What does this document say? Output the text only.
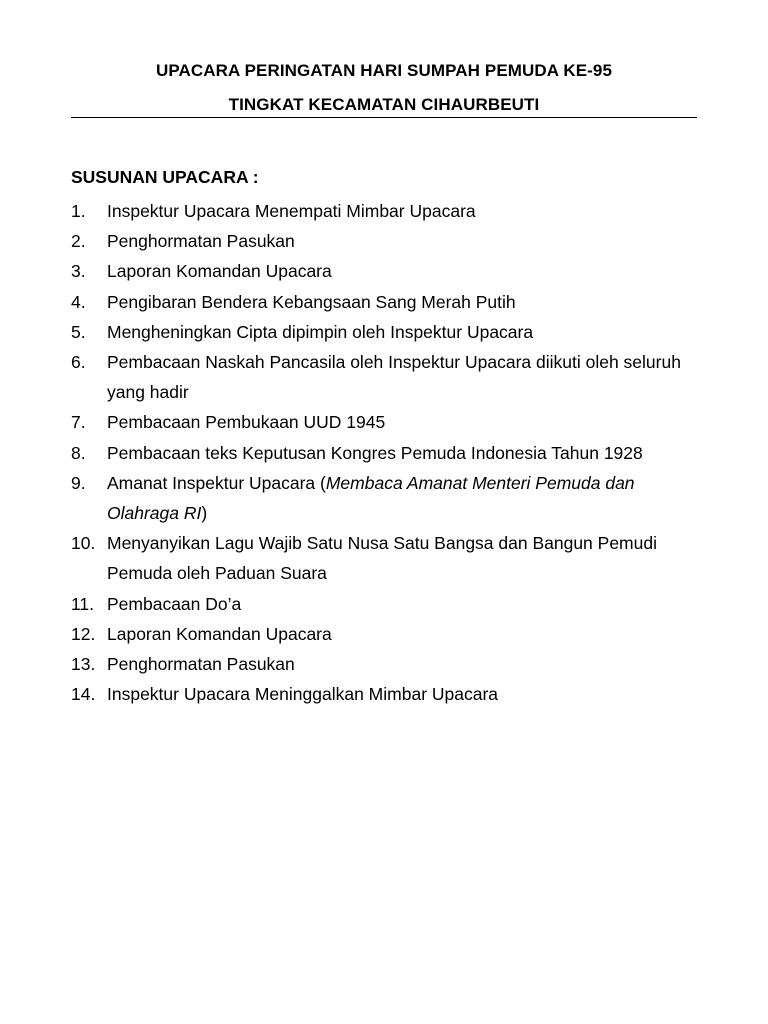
UPACARA PERINGATAN HARI SUMPAH PEMUDA KE-95
TINGKAT KECAMATAN CIHAURBEUTI
SUSUNAN UPACARA :
1.	Inspektur Upacara Menempati Mimbar Upacara
2.	Penghormatan Pasukan
3.	Laporan Komandan Upacara
4.	Pengibaran Bendera Kebangsaan Sang Merah Putih
5.	Mengheningkan Cipta dipimpin oleh Inspektur Upacara
6.	Pembacaan Naskah Pancasila oleh Inspektur Upacara diikuti oleh seluruh yang hadir
7.	Pembacaan Pembukaan UUD 1945
8.	Pembacaan teks Keputusan Kongres Pemuda Indonesia Tahun 1928
9.	Amanat Inspektur Upacara (Membaca Amanat Menteri Pemuda dan Olahraga RI)
10. Menyanyikan Lagu Wajib Satu Nusa Satu Bangsa dan Bangun Pemudi Pemuda oleh Paduan Suara
11. Pembacaan Do’a
12. Laporan Komandan Upacara
13. Penghormatan Pasukan
14. Inspektur Upacara Meninggalkan Mimbar Upacara
